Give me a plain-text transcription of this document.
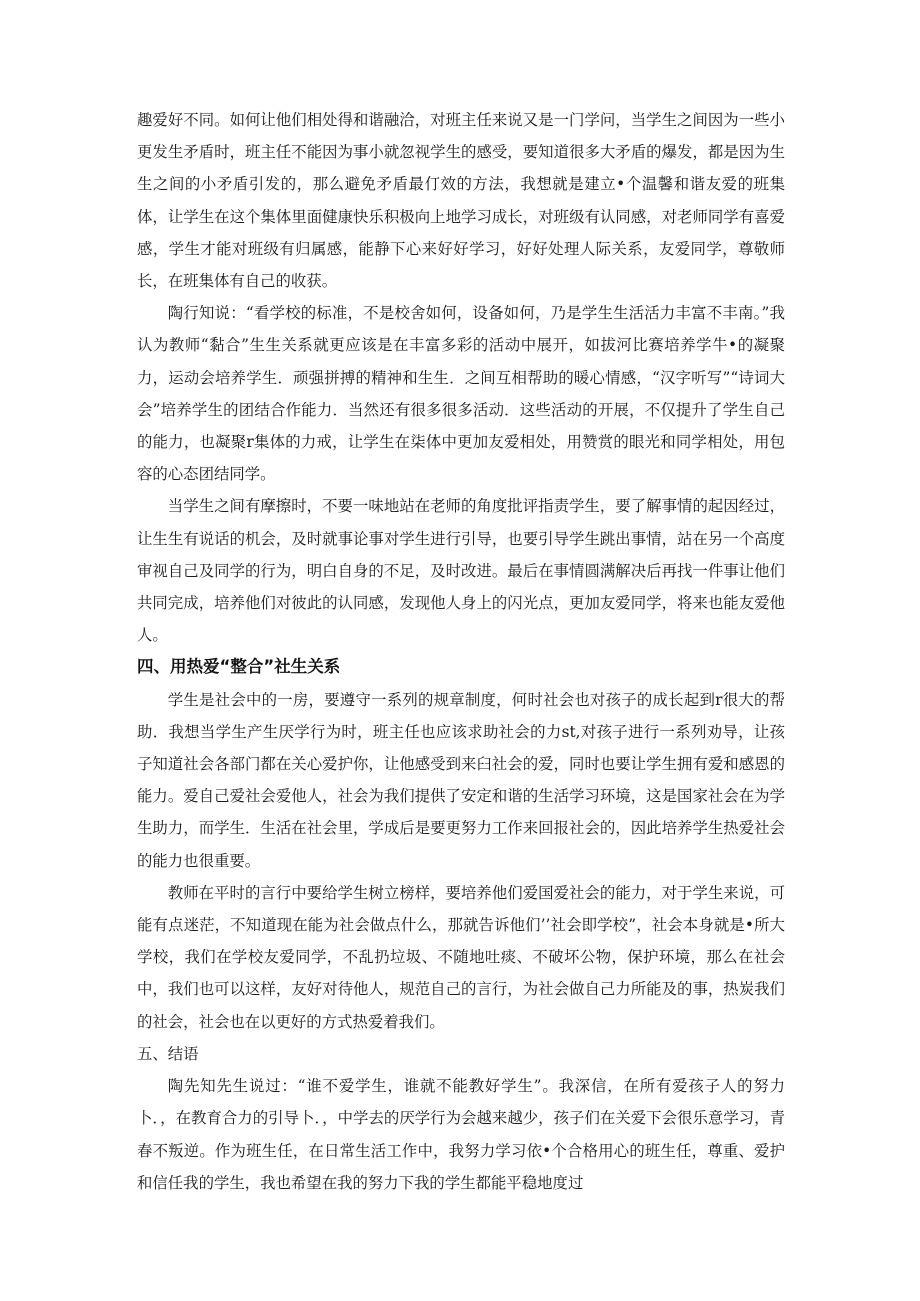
趣爱好不同。如何让他们相处得和谐融洽，对班主任来说又是一门学问，当学生之间因为一些小更发生矛盾时，班主任不能因为事小就忽视学生的感受，要知道很多大矛盾的爆发，都是因为生生之间的小矛盾引发的，那么避免矛盾最仃效的方法，我想就是建立•个温馨和谐友爱的班集体，让学生在这个集体里面健康快乐积极向上地学习成长，对班级有认同感，对老师同学有喜爱感，学生才能对班级有归属感，能静下心来好好学习，好好处理人际关系，友爱同学，尊敬师长，在班集体有自己的收获。

陶行知说：“看学校的标准，不是校舍如何，设备如何，乃是学生生活活力丰富不丰南。”我认为教师“黏合”生生关系就更应该是在丰富多彩的活动中展开，如拔河比赛培养学牛•的凝聚力，运动会培养学生．顽强拼搏的精神和生生．之间互相帮助的暖心情感，“汉字听写”“诗词大会”培养学生的团结合作能力．当然还有很多很多活动．这些活动的开展，不仅提升了学生自己的能力，也凝聚r集体的力戒，让学生在柒体中更加友爱相处，用赞赏的眼光和同学相处，用包容的心态团结同学。

当学生之间有摩擦时，不要一味地站在老师的角度批评指责学生，要了解事情的起因经过，让生生有说话的机会，及时就事论事对学生进行引导，也要引导学生跳出事情，站在另一个高度审视自己及同学的行为，明白自身的不足，及时改进。最后在事情圆满解决后再找一件事让他们共同完成，培养他们对彼此的认同感，发现他人身上的闪光点，更加友爱同学，将来也能友爱他人。

四、用热爱“整合”社生关系

学生是社会中的一房，要遵守一系列的规章制度，何时社会也对孩子的成长起到r很大的帮助．我想当学生产生厌学行为时，班主任也应该求助社会的力st,对孩子进行一系列劝导，让孩子知道社会各部门都在关心爱护你，让他感受到来臼社会的爱，同时也要让学生拥有爱和感恩的能力。爱自己爱社会爱他人，社会为我们提供了安定和谐的生活学习环境，这是国家社会在为学生助力，而学生．生活在社会里，学成后是要更努力工作来回报社会的，因此培养学生热爱社会的能力也很重要。

教师在平时的言行中要给学生树立榜样，要培养他们爱国爱社会的能力，对于学生来说，可能有点迷茫，不知道现在能为社会做点什么，那就告诉他们’’社会即学校”，社会本身就是•所大学校，我们在学校友爱同学，不乱扔垃圾、不随地吐痰、不破坏公物，保护环境，那么在社会中，我们也可以这样，友好对待他人，规范自己的言行，为社会做自己力所能及的事，热炭我们的社会，社会也在以更好的方式热爱着我们。

五、结语

陶先知先生说过：“谁不爱学生，谁就不能教好学生”。我深信，在所有爱孩子人的努力卜．，在教育合力的引导卜．，中学去的厌学行为会越来越少，孩子们在关爱下会很乐意学习，青春不叛逆。作为班生任，在日常生活工作中，我努力学习依•个合格用心的班生任，尊重、爱护和信任我的学生，我也希望在我的努力下我的学生都能平稳地度过
